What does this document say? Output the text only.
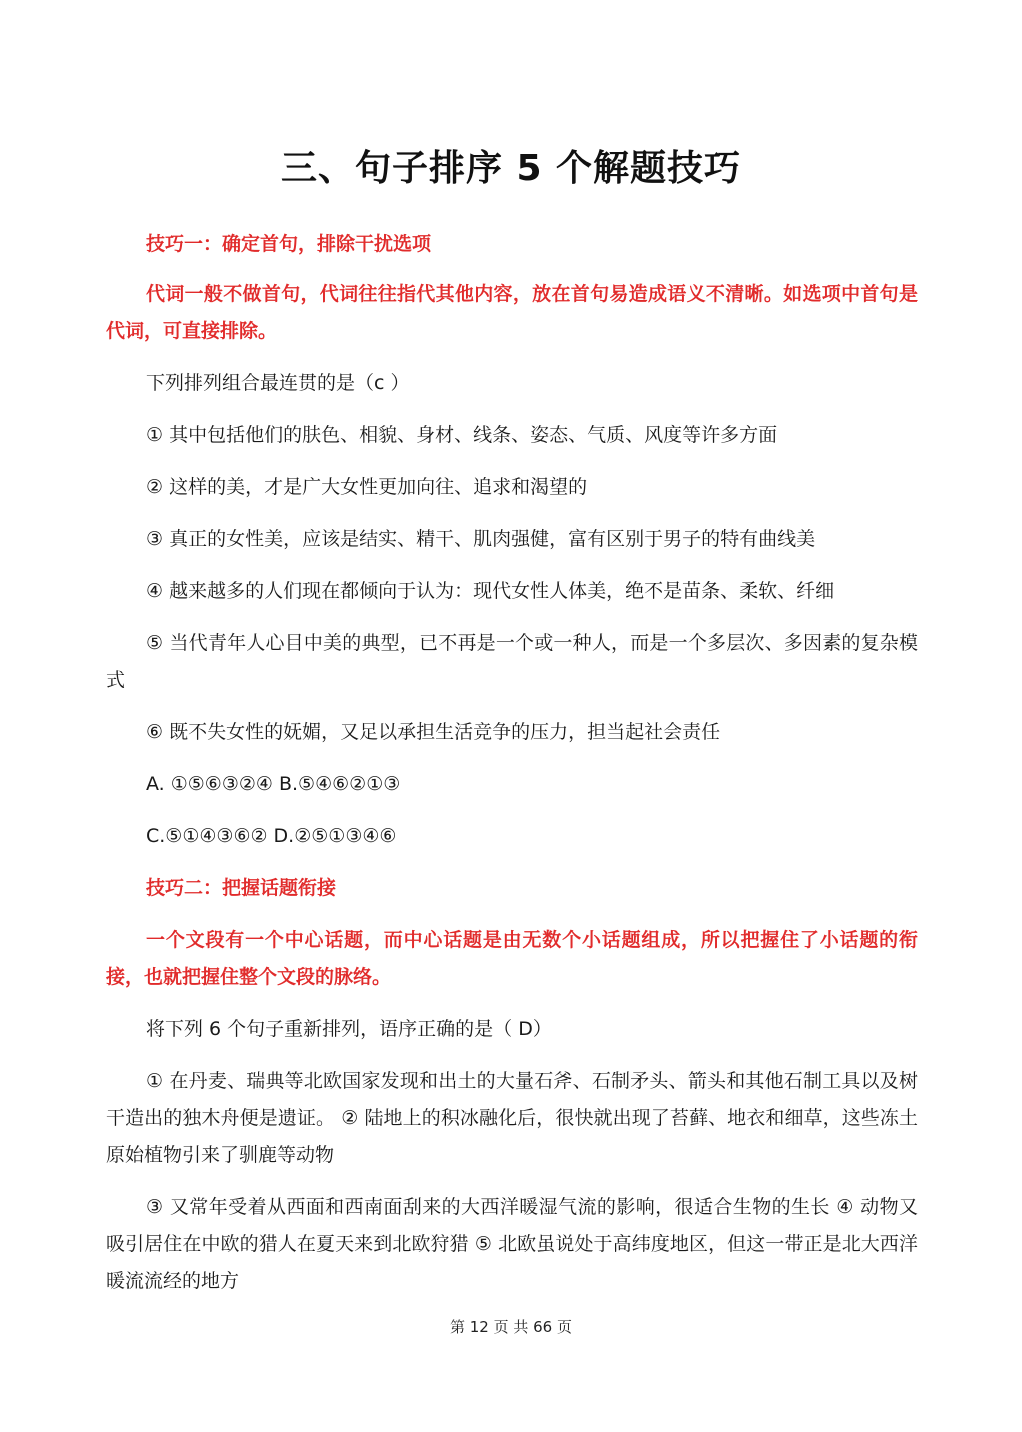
三、句子排序 5 个解题技巧

技巧一：确定首句，排除干扰选项

代词一般不做首句，代词往往指代其他内容，放在首句易造成语义不清晰。如选项中首句是代词，可直接排除。

下列排列组合最连贯的是（c ）

① 其中包括他们的肤色、相貌、身材、线条、姿态、气质、风度等许多方面

② 这样的美，才是广大女性更加向往、追求和渴望的

③ 真正的女性美，应该是结实、精干、肌肉强健，富有区别于男子的特有曲线美

④ 越来越多的人们现在都倾向于认为：现代女性人体美，绝不是苗条、柔软、纤细

⑤ 当代青年人心目中美的典型，已不再是一个或一种人，而是一个多层次、多因素的复杂模式

⑥ 既不失女性的妩媚，又足以承担生活竞争的压力，担当起社会责任

A. ①⑤⑥③②④ B.⑤④⑥②①③

C.⑤①④③⑥② D.②⑤①③④⑥

技巧二：把握话题衔接

一个文段有一个中心话题，而中心话题是由无数个小话题组成，所以把握住了小话题的衔接，也就把握住整个文段的脉络。

将下列 6 个句子重新排列，语序正确的是（ D）

① 在丹麦、瑞典等北欧国家发现和出土的大量石斧、石制矛头、箭头和其他石制工具以及树干造出的独木舟便是遗证。 ② 陆地上的积冰融化后，很快就出现了苔藓、地衣和细草，这些冻土原始植物引来了驯鹿等动物

③ 又常年受着从西面和西南面刮来的大西洋暖湿气流的影响，很适合生物的生长 ④ 动物又吸引居住在中欧的猎人在夏天来到北欧狩猎 ⑤ 北欧虽说处于高纬度地区，但这一带正是北大西洋暖流流经的地方

第 12 页 共 66 页
